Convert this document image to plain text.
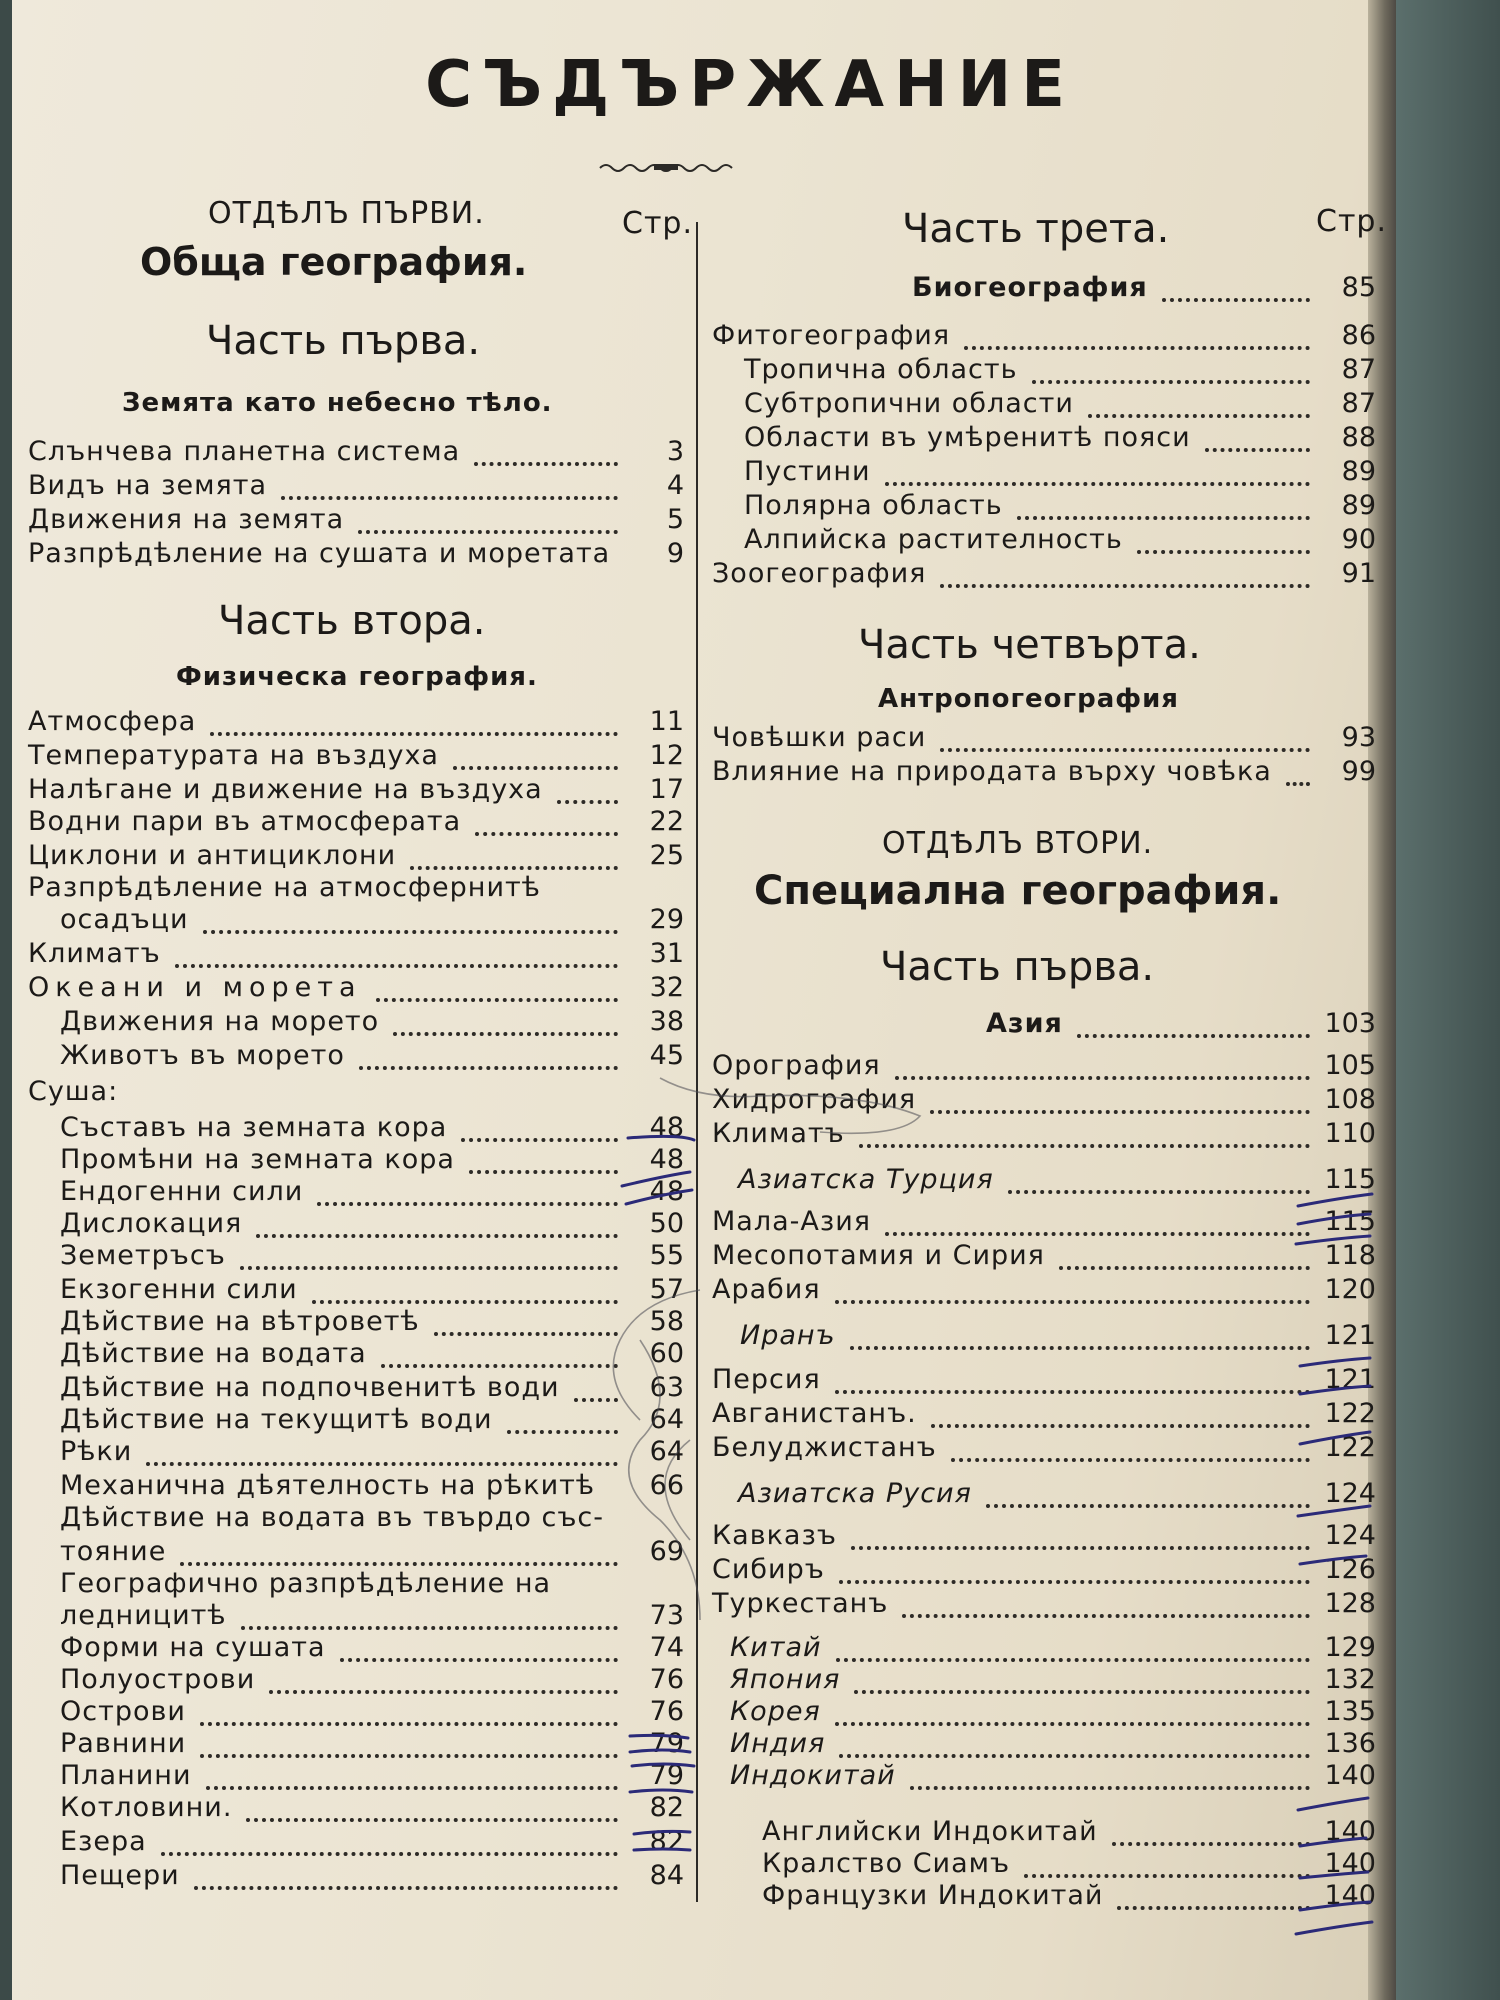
СЪДЪРЖАНИЕ
ОТДѢЛЪ ПЪРВИ.	Стр.
Обща география.
Часть първа.
Земята като небесно тѣло.
Часть втора.
Физическа география.
Часть трета.	Стр.
Часть четвърта.
Антропогеография
ОТДѢЛЪ ВТОРИ.
Специална география.
Часть първа.
Слънчева планетна система	3
Видъ на земята	4
Движения на земята	5
Разпрѣдѣление на сушата и моретата	9
Атмосфера	11
Температурата на въздуха	12
Налѣгане и движение на въздуха	17
Водни пари въ атмосферата	22
Циклони и антициклони	25
Разпрѣдѣление на атмосфернитѣ
осадъци	29
Климатъ	31
Океани и морета	32
Движения на морето	38
Животъ въ морето	45
Суша:
Съставъ на земната кора	48
Промѣни на земната кора	48
Ендогенни сили	48
Дислокация	50
Земетръсъ	55
Екзогенни сили	57
Дѣйствие на вѣтроветѣ	58
Дѣйствие на водата	60
Дѣйствие на подпочвенитѣ води	63
Дѣйствие на текущитѣ води	64
Рѣки	64
Механична дѣятелность на рѣкитѣ	66
Дѣйствие на водата въ твърдо със-
тояние	69
Географично разпрѣдѣление на
ледницитѣ	73
Форми на сушата	74
Полуострови	76
Острови	76
Равнини	79
Планини	79
Котловини.	82
Езера	82
Пещери	84
Биогеография	85
Фитогеография	86
Тропична область	87
Субтропични области	87
Области въ умѣренитѣ пояси	88
Пустини	89
Полярна область	89
Алпийска растителность	90
Зоогеография	91
Човѣшки раси	93
Влияние на природата върху човѣка	99
Азия	103
Орография	105
Хидрография	108
Климатъ	110
Азиатска Турция	115
Мала-Азия	115
Месопотамия и Сирия	118
Арабия	120
Иранъ	121
Персия	121
Авганистанъ.	122
Белуджистанъ	122
Азиатска Русия	124
Кавказъ	124
Сибиръ	126
Туркестанъ	128
Китай	129
Япония	132
Корея	135
Индия	136
Индокитай	140
Английски Индокитай	140
Кралство Сиамъ	140
Французки Индокитай	140
